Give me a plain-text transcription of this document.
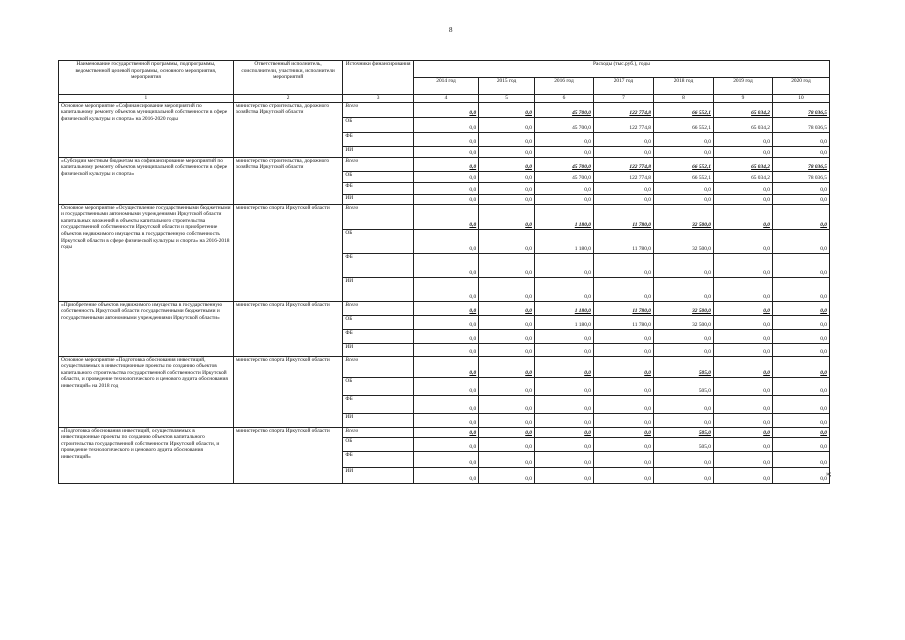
8
Наименование государственной программы, подпрограммы, ведомственной целевой программы, основного мероприятия, мероприятия	Ответственный исполнитель, соисполнители, участники, исполнители мероприятий	Источники финансирования	Расходы (тыс.руб.), годы						
			2014 год	2015 год	2016 год	2017 год	2018 год	2019 год	2020 год
1	2	3	4	5	6	7	8	9	10
Основное мероприятие «Софинансирование мероприятий по капитальному ремонту объектов муниципальной собственности в сфере физической культуры и спорта» на 2016-2020 годы	министерство строительства, дорожного хозяйства Иркутской области	Всего	0,0	0,0	45 700,0	122 774,8	66 552,1	65 034,2	78 036,5
		ОБ	0,0	0,0	45 700,0	122 774,8	66 552,1	65 034,2	78 036,5
		ФБ	0,0	0,0	0,0	0,0	0,0	0,0	0,0
		ИИ	0,0	0,0	0,0	0,0	0,0	0,0	0,0
«Субсидии местным бюджетам на софинансирование мероприятий по капитальному ремонту объектов муниципальной собственности в сфере физической культуры и спорта»	министерство строительства, дорожного хозяйства Иркутской области	Всего	0,0	0,0	45 700,0	122 774,8	66 552,1	65 034,2	78 036,5
		ОБ	0,0	0,0	45 700,0	122 774,8	66 552,1	65 034,2	78 036,5
		ФБ	0,0	0,0	0,0	0,0	0,0	0,0	0,0
		ИИ	0,0	0,0	0,0	0,0	0,0	0,0	0,0
Основное мероприятие «Осуществление государственными бюджетными и государственными автономными учреждениями Иркутской области капитальных вложений в объекты капитального строительства государственной собственности Иркутской области и приобретение объектов недвижимого имущества в государственную собственность Иркутской области в сфере физической культуры и спорта» на 2016-2018 годы	министерство спорта Иркутской области	Всего	0,0	0,0	1 180,0	11 780,0	32 500,0	0,0	0,0
		ОБ	0,0	0,0	1 180,0	11 780,0	32 500,0	0,0	0,0
		ФБ	0,0	0,0	0,0	0,0	0,0	0,0	0,0
		ИИ	0,0	0,0	0,0	0,0	0,0	0,0	0,0
«Приобретение объектов недвижимого имущества в государственную собственность Иркутской области государственными бюджетными и государственными автономными учреждениями Иркутской области»	министерство спорта Иркутской области	Всего	0,0	0,0	1 180,0	11 780,0	32 500,0	0,0	0,0
		ОБ	0,0	0,0	1 180,0	11 780,0	32 500,0	0,0	0,0
		ФБ	0,0	0,0	0,0	0,0	0,0	0,0	0,0
		ИИ	0,0	0,0	0,0	0,0	0,0	0,0	0,0
Основное мероприятие «Подготовка обоснования инвестиций, осуществляемых в инвестиционные проекты по созданию объектов капитального строительства государственной собственности Иркутской области, и проведение технологического и ценового аудита обоснования инвестиций» на 2018 год	министерство спорта Иркутской области	Всего	0,0	0,0	0,0	0,0	505,0	0,0	0,0
		ОБ	0,0	0,0	0,0	0,0	505,0	0,0	0,0
		ФБ	0,0	0,0	0,0	0,0	0,0	0,0	0,0
		ИИ	0,0	0,0	0,0	0,0	0,0	0,0	0,0
«Подготовка обоснования инвестиций, осуществляемых в инвестиционные проекты по созданию объектов капитального строительства государственной собственности Иркутской области, и проведение технологического и ценового аудита обоснования инвестиций»	министерство спорта Иркутской области	Всего	0,0	0,0	0,0	0,0	505,0	0,0	0,0
		ОБ	0,0	0,0	0,0	0,0	505,0	0,0	0,0
		ФБ	0,0	0,0	0,0	0,0	0,0	0,0	0,0
		ИИ	0,0	0,0	0,0	0,0	0,0	0,0	0,0
»;
